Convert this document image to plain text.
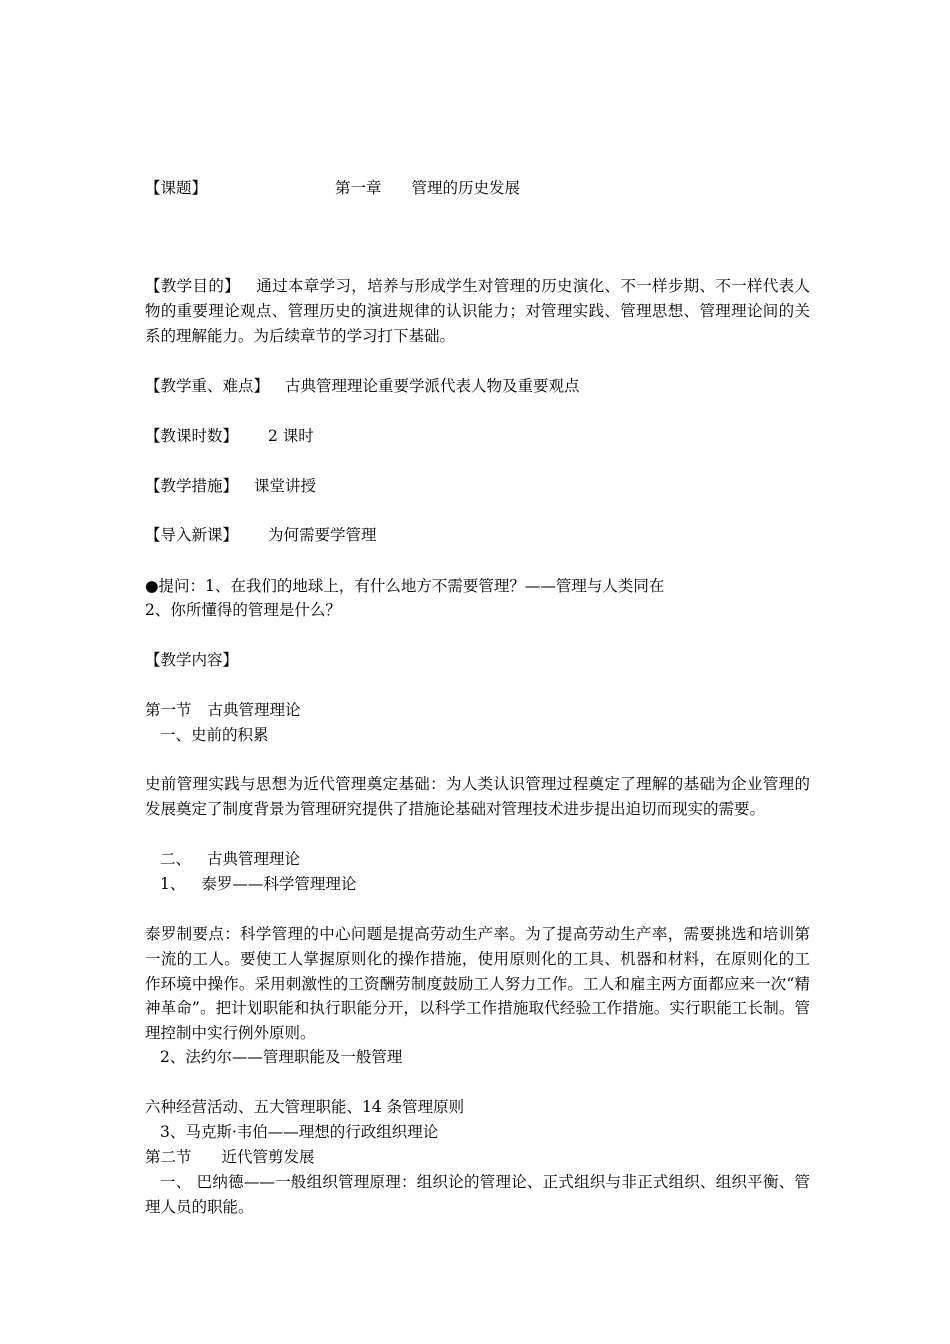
【课题】	第一章 管理的历史发展
【教学目的】 通过本章学习，培养与形成学生对管理的历史演化、不一样步期、不一样代表人物的重要理论观点、管理历史的演进规律的认识能力；对管理实践、管理思想、管理理论间的关系的理解能力。为后续章节的学习打下基础。
【教学重、难点】 古典管理理论重要学派代表人物及重要观点
【教课时数】 2 课时
【教学措施】 课堂讲授
【导入新课】 为何需要学管理
●提问：1、在我们的地球上，有什么地方不需要管理？——管理与人类同在
2、你所懂得的管理是什么？
【教学内容】
第一节 古典管理理论
一、史前的积累
史前管理实践与思想为近代管理奠定基础：为人类认识管理过程奠定了理解的基础为企业管理的发展奠定了制度背景为管理研究提供了措施论基础对管理技术进步提出迫切而现实的需要。
二、 古典管理理论
1、 泰罗——科学管理理论
泰罗制要点：科学管理的中心问题是提高劳动生产率。为了提高劳动生产率，需要挑选和培训第一流的工人。要使工人掌握原则化的操作措施，使用原则化的工具、机器和材料，在原则化的工作环境中操作。采用刺激性的工资酬劳制度鼓励工人努力工作。工人和雇主两方面都应来一次“精神革命”。把计划职能和执行职能分开，以科学工作措施取代经验工作措施。实行职能工长制。管理控制中实行例外原则。
2、法约尔——管理职能及一般管理
六种经营活动、五大管理职能、14 条管理原则
3、马克斯·韦伯——理想的行政组织理论
第二节 近代管剪发展
一、 巴纳德——一般组织管理原理：组织论的管理论、正式组织与非正式组织、组织平衡、管理人员的职能。
